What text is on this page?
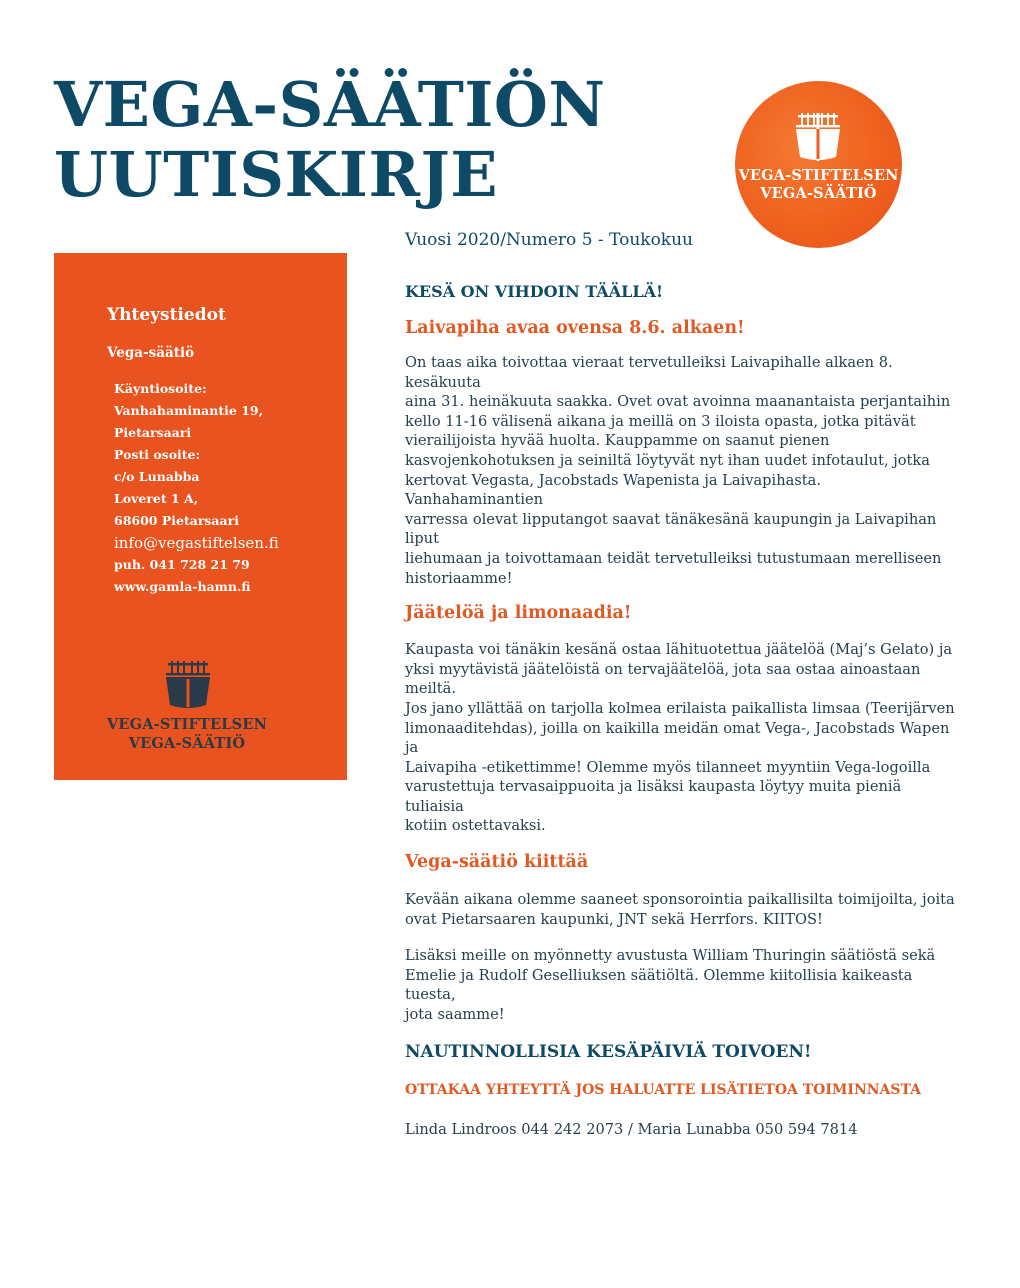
VEGA-SÄÄTIÖN
UUTISKIRJE	VEGA-STIFTELSEN
VEGA-SÄÄTIÖ
Vuosi 2020/Numero 5 - Toukokuu
Yhteystiedot
Vega-säätiö
Käyntiosoite:
Vanhahaminantie 19,
Pietarsaari
Posti osoite:
c/o Lunabba
Loveret 1 A,
68600 Pietarsaari
info@vegastiftelsen.fi
puh. 041 728 21 79
www.gamla-hamn.fi
VEGA-STIFTELSEN
VEGA-SÄÄTIÖ
KESÄ ON VIHDOIN TÄÄLLÄ!
Laivapiha avaa ovensa 8.6. alkaen!
On taas aika toivottaa vieraat tervetulleiksi Laivapihalle alkaen 8. kesäkuuta
aina 31. heinäkuuta saakka. Ovet ovat avoinna maanantaista perjantaihin
kello 11-16 välisenä aikana ja meillä on 3 iloista opasta, jotka pitävät
vierailijoista hyvää huolta. Kauppamme on saanut pienen
kasvojenkohotuksen ja seiniltä löytyvät nyt ihan uudet infotaulut, jotka
kertovat Vegasta, Jacobstads Wapenista ja Laivapihasta. Vanhahaminantien
varressa olevat lipputangot saavat tänäkesänä kaupungin ja Laivapihan liput
liehumaan ja toivottamaan teidät tervetulleiksi tutustumaan merelliseen
historiaamme!
Jäätelöä ja limonaadia!
Kaupasta voi tänäkin kesänä ostaa lähituotettua jäätelöä (Maj’s Gelato) ja
yksi myytävistä jäätelöistä on tervajäätelöä, jota saa ostaa ainoastaan meiltä.
Jos jano yllättää on tarjolla kolmea erilaista paikallista limsaa (Teerijärven
limonaaditehdas), joilla on kaikilla meidän omat Vega-, Jacobstads Wapen ja
Laivapiha -etikettimme! Olemme myös tilanneet myyntiin Vega-logoilla
varustettuja tervasaippuoita ja lisäksi kaupasta löytyy muita pieniä tuliaisia
kotiin ostettavaksi.
Vega-säätiö kiittää
Kevään aikana olemme saaneet sponsorointia paikallisilta toimijoilta, joita
ovat Pietarsaaren kaupunki, JNT sekä Herrfors. KIITOS!
Lisäksi meille on myönnetty avustusta William Thuringin säätiöstä sekä
Emelie ja Rudolf Geselliuksen säätiöltä. Olemme kiitollisia kaikeasta tuesta,
jota saamme!
NAUTINNOLLISIA KESÄPÄIVIÄ TOIVOEN!
OTTAKAA YHTEYTTÄ JOS HALUATTE LISÄTIETOA TOIMINNASTA
Linda Lindroos 044 242 2073 / Maria Lunabba 050 594 7814
